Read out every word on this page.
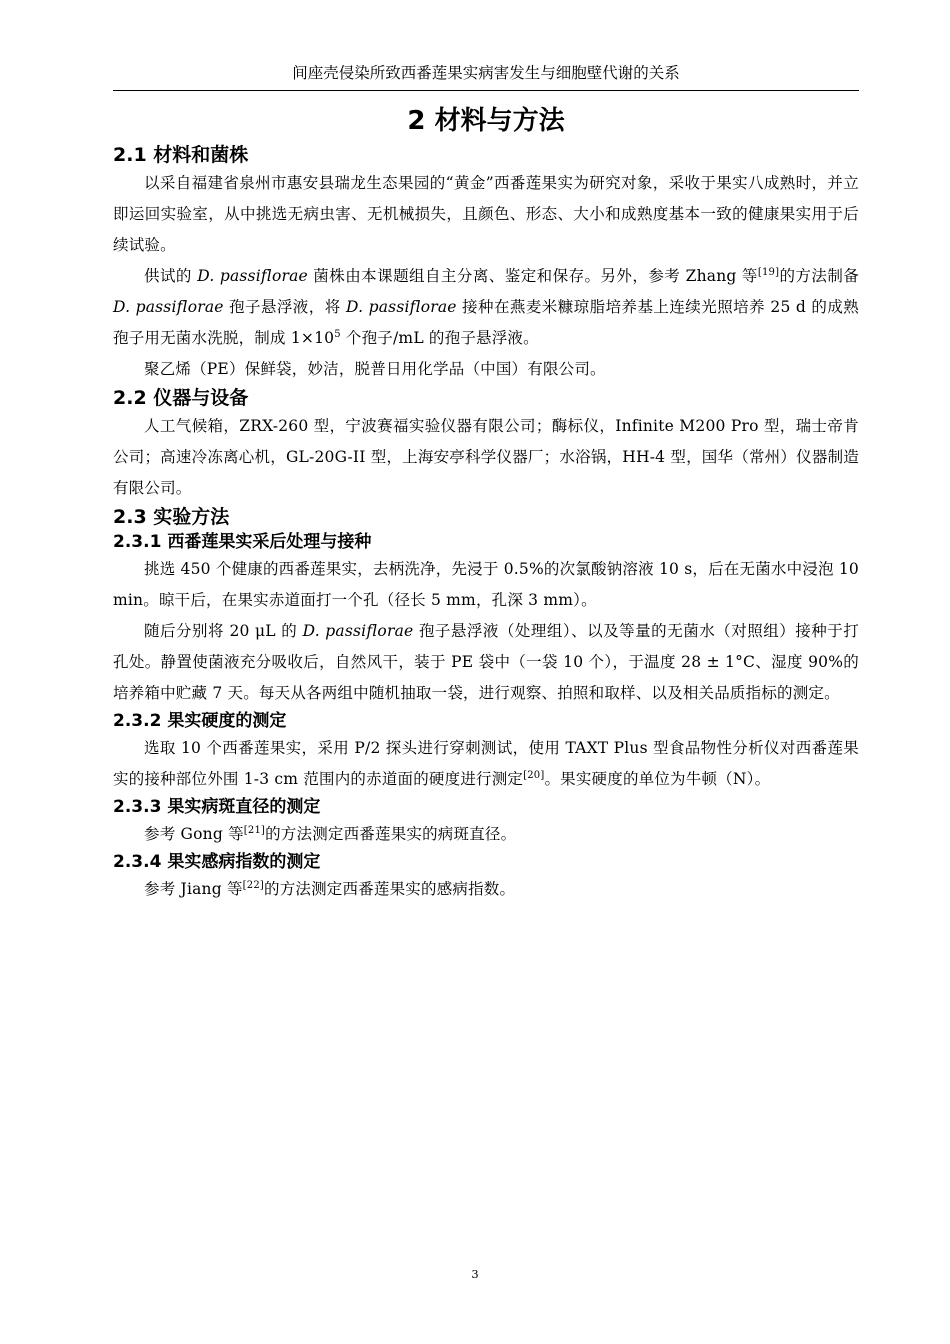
间座壳侵染所致西番莲果实病害发生与细胞壁代谢的关系
2 材料与方法
2.1 材料和菌株

以采自福建省泉州市惠安县瑞龙生态果园的“黄金”西番莲果实为研究对象，采收于果实八成熟时，并立即运回实验室，从中挑选无病虫害、无机械损失，且颜色、形态、大小和成熟度基本一致的健康果实用于后续试验。

供试的 D. passiflorae 菌株由本课题组自主分离、鉴定和保存。另外，参考 Zhang 等[19]的方法制备 D. passiflorae 孢子悬浮液，将 D. passiflorae 接种在燕麦米糠琼脂培养基上连续光照培养 25 d 的成熟孢子用无菌水洗脱，制成 $1\times 10^5$ 个孢子/mL 的孢子悬浮液。

聚乙烯（PE）保鲜袋，妙洁，脱普日用化学品（中国）有限公司。

2.2 仪器与设备

人工气候箱，ZRX-260 型，宁波赛福实验仪器有限公司；酶标仪，Infinite M200 Pro 型，瑞士帝肯公司；高速冷冻离心机，GL-20G-II 型，上海安亭科学仪器厂；水浴锅，HH-4 型，国华（常州）仪器制造有限公司。

2.3 实验方法
2.3.1 西番莲果实采后处理与接种

挑选 450 个健康的西番莲果实，去柄洗净，先浸于 0.5%的次氯酸钠溶液 10 s，后在无菌水中浸泡 10 min。晾干后，在果实赤道面打一个孔（径长 5 mm，孔深 3 mm）。

随后分别将 20 μL 的 D. passiflorae 孢子悬浮液（处理组）、以及等量的无菌水（对照组）接种于打孔处。静置使菌液充分吸收后，自然风干，装于 PE 袋中（一袋 10 个），于温度 28 ± 1°C、湿度 90%的培养箱中贮藏 7 天。每天从各两组中随机抽取一袋，进行观察、拍照和取样、以及相关品质指标的测定。

2.3.2 果实硬度的测定

选取 10 个西番莲果实，采用 P/2 探头进行穿刺测试，使用 TAXT Plus 型食品物性分析仪对西番莲果实的接种部位外围 1-3 cm 范围内的赤道面的硬度进行测定[20]。果实硬度的单位为牛顿（N）。

2.3.3 果实病斑直径的测定

参考 Gong 等[21]的方法测定西番莲果实的病斑直径。

2.3.4 果实感病指数的测定

参考 Jiang 等[22]的方法测定西番莲果实的感病指数。

3
